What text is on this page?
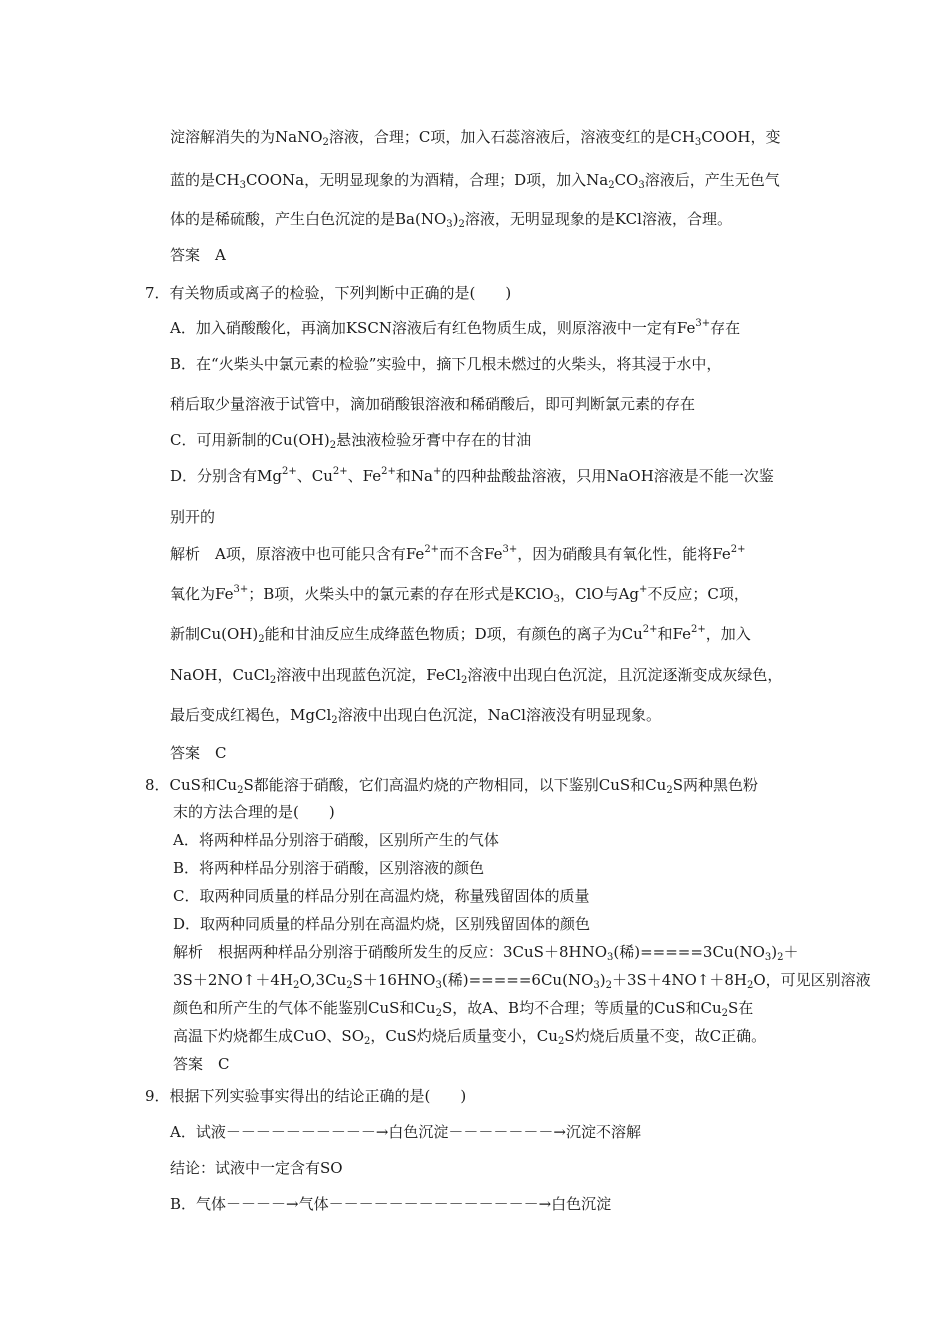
淀溶解消失的为NaNO$_2$溶液，合理；C项，加入石蕊溶液后，溶液变红的是$CH_3COOH$，变
蓝的是$CH_3COONa$，无明显现象的为酒精，合理；D项，加入$Na_2CO_3$溶液后，产生无色气
体的是稀硫酸，产生白色沉淀的是$Ba(NO_3)_2$溶液，无明显现象的是KCl溶液，合理。
答案　A
7．有关物质或离子的检验，下列判断中正确的是(　　)
A．加入硝酸酸化，再滴加KSCN溶液后有红色物质生成，则原溶液中一定有$Fe^{3+}$存在
B．在“火柴头中氯元素的检验”实验中，摘下几根未燃过的火柴头，将其浸于水中，
稍后取少量溶液于试管中，滴加硝酸银溶液和稀硝酸后，即可判断氯元素的存在
C．可用新制的$Cu(OH)_2$悬浊液检验牙膏中存在的甘油
D．分别含有$Mg^{2+}$、$Cu^{2+}$、$Fe^{2+}$和Na+的四种盐酸盐溶液，只用NaOH溶液是不能一次鉴
别开的
解析　A项，原溶液中也可能只含有$Fe^{2+}$而不含$Fe^{3+}$，因为硝酸具有氧化性，能将$Fe^{2+}$
氧化为$Fe^{3+}$；B项，火柴头中的氯元素的存在形式是KClO$_3$，ClO与Ag+不反应；C项，
新制$Cu(OH)_2$能和甘油反应生成绛蓝色物质；D项，有颜色的离子为$Cu^{2+}$和$Fe^{2+}$，加入
NaOH，CuCl$_2$溶液中出现蓝色沉淀，FeCl$_2$溶液中出现白色沉淀，且沉淀逐渐变成灰绿色，
最后变成红褐色，MgCl$_2$溶液中出现白色沉淀，NaCl溶液没有明显现象。
答案　C
8．CuS和$Cu_2S$都能溶于硝酸，它们高温灼烧的产物相同，以下鉴别CuS和$Cu_2S$两种黑色粉
末的方法合理的是(　　)
A．将两种样品分别溶于硝酸，区别所产生的气体
B．将两种样品分别溶于硝酸，区别溶液的颜色
C．取两种同质量的样品分别在高温灼烧，称量残留固体的质量
D．取两种同质量的样品分别在高温灼烧，区别残留固体的颜色
解析　根据两种样品分别溶于硝酸所发生的反应：$3CuS+8HNO_3$(稀)$=====3Cu(NO_3)_2+$
$3S+2NO↑+4H_2O,3Cu_2S+16HNO_3$(稀)$=====6Cu(NO_3)_2+3S+4NO↑+8H_2O$，可见区别溶液
颜色和所产生的气体不能鉴别CuS和$Cu_2S$，故A、B均不合理；等质量的CuS和$Cu_2S$在
高温下灼烧都生成CuO、$SO_2$，CuS灼烧后质量变小，$Cu_2S$灼烧后质量不变，故C正确。
答案　C
9．根据下列实验事实得出的结论正确的是(　　)
A．试液－－－－－－－－－－→白色沉淀－－－－－－－→沉淀不溶解
结论：试液中一定含有SO
B．气体－－－－→气体－－－－－－－－－－－－－－→白色沉淀
